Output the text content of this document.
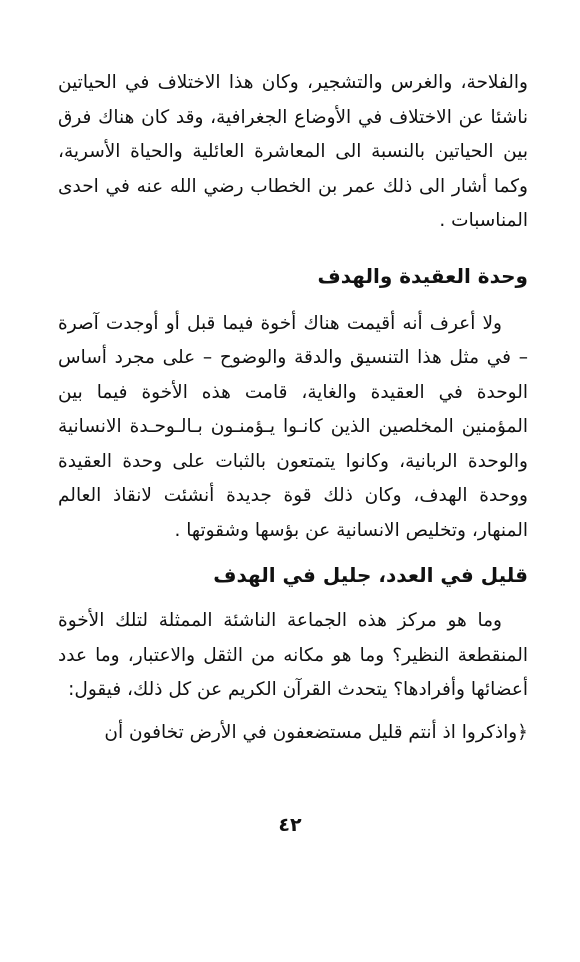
والفلاحة، والغرس والتشجير، وكان هذا الاختلاف في الحياتين ناشئا عن الاختلاف في الأوضاع الجغرافية، وقد كان هناك فرق بين الحياتين بالنسبة الى المعاشرة العائلية والحياة الأسرية، وكما أشار الى ذلك عمر بن الخطاب رضي الله عنه في احدى المناسبات .

وحدة العقيدة والهدف

ولا أعرف أنه أقيمت هناك أخوة فيما قبل أو أوجدت آصرة – في مثل هذا التنسيق والدقة والوضوح – على مجرد أساس الوحدة في العقيدة والغاية، قامت هذه الأخوة فيما بين المؤمنين المخلصين الذين كانـوا يـؤمنـون بـالـوحـدة الانسانية والوحدة الربانية، وكانوا يتمتعون بالثبات على وحدة العقيدة ووحدة الهدف، وكان ذلك قوة جديدة أنشئت لانقاذ العالم المنهار، وتخليص الانسانية عن بؤسها وشقوتها .

قليل في العدد، جليل في الهدف

وما هو مركز هذه الجماعة الناشئة الممثلة لتلك الأخوة المنقطعة النظير؟ وما هو مكانه من الثقل والاعتبار، وما عدد أعضائها وأفرادها؟ يتحدث القرآن الكريم عن كل ذلك، فيقول:

﴿واذكروا اذ أنتم قليل مستضعفون في الأرض تخافون أن

٤٢
